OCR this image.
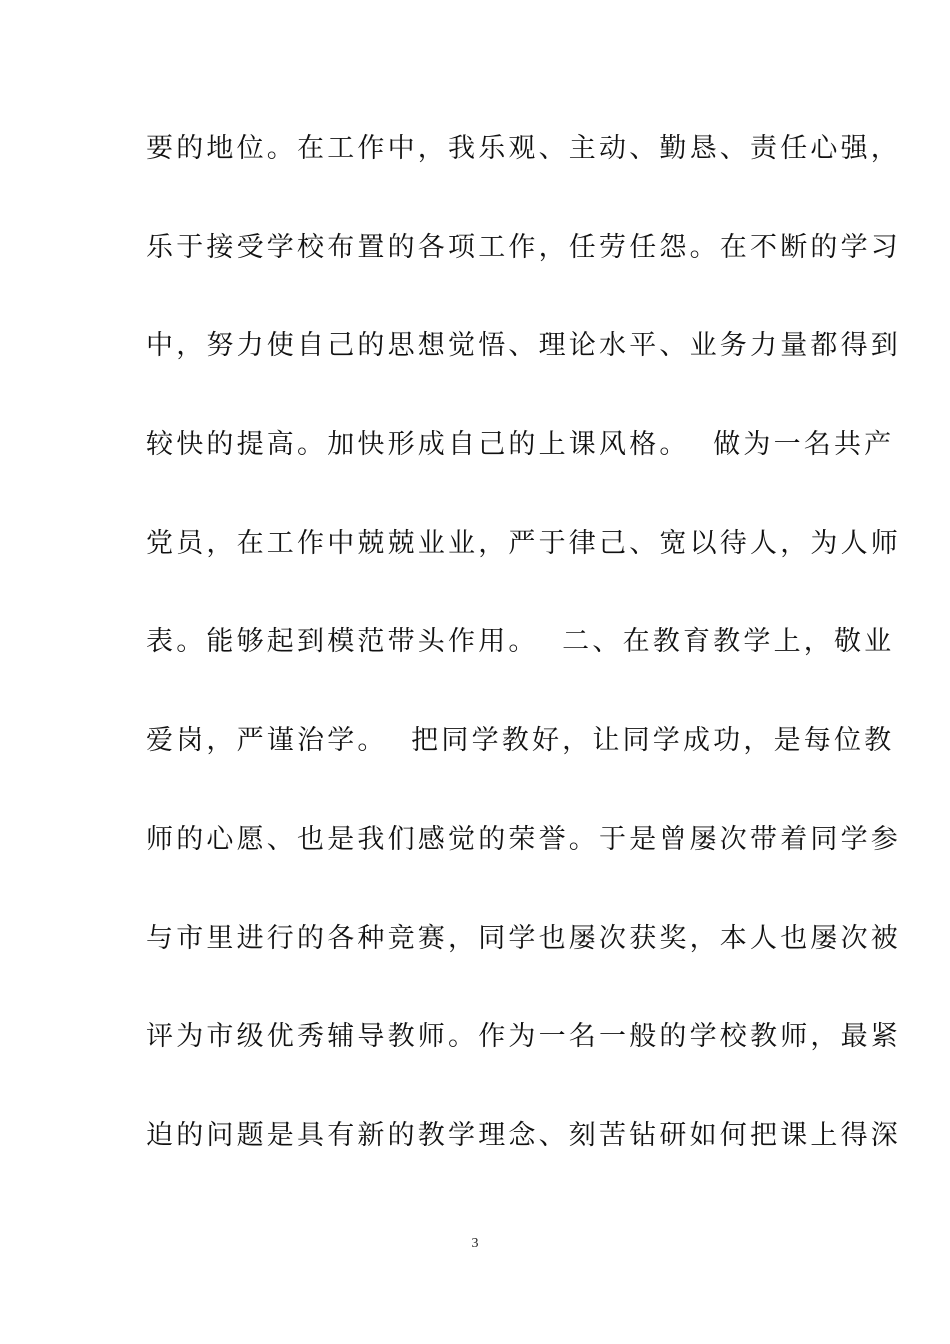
要的地位。在工作中，我乐观、主动、勤恳、责任心强，
乐于接受学校布置的各项工作，任劳任怨。在不断的学习
中，努力使自己的思想觉悟、理论水平、业务力量都得到
较快的提高。加快形成自己的上课风格。  做为一名共产
党员，在工作中兢兢业业，严于律己、宽以待人，为人师
表。能够起到模范带头作用。  二、在教育教学上，敬业
爱岗，严谨治学。  把同学教好，让同学成功，是每位教
师的心愿、也是我们感觉的荣誉。于是曾屡次带着同学参
与市里进行的各种竞赛，同学也屡次获奖，本人也屡次被
评为市级优秀辅导教师。作为一名一般的学校教师，最紧
迫的问题是具有新的教学理念、刻苦钻研如何把课上得深
3
